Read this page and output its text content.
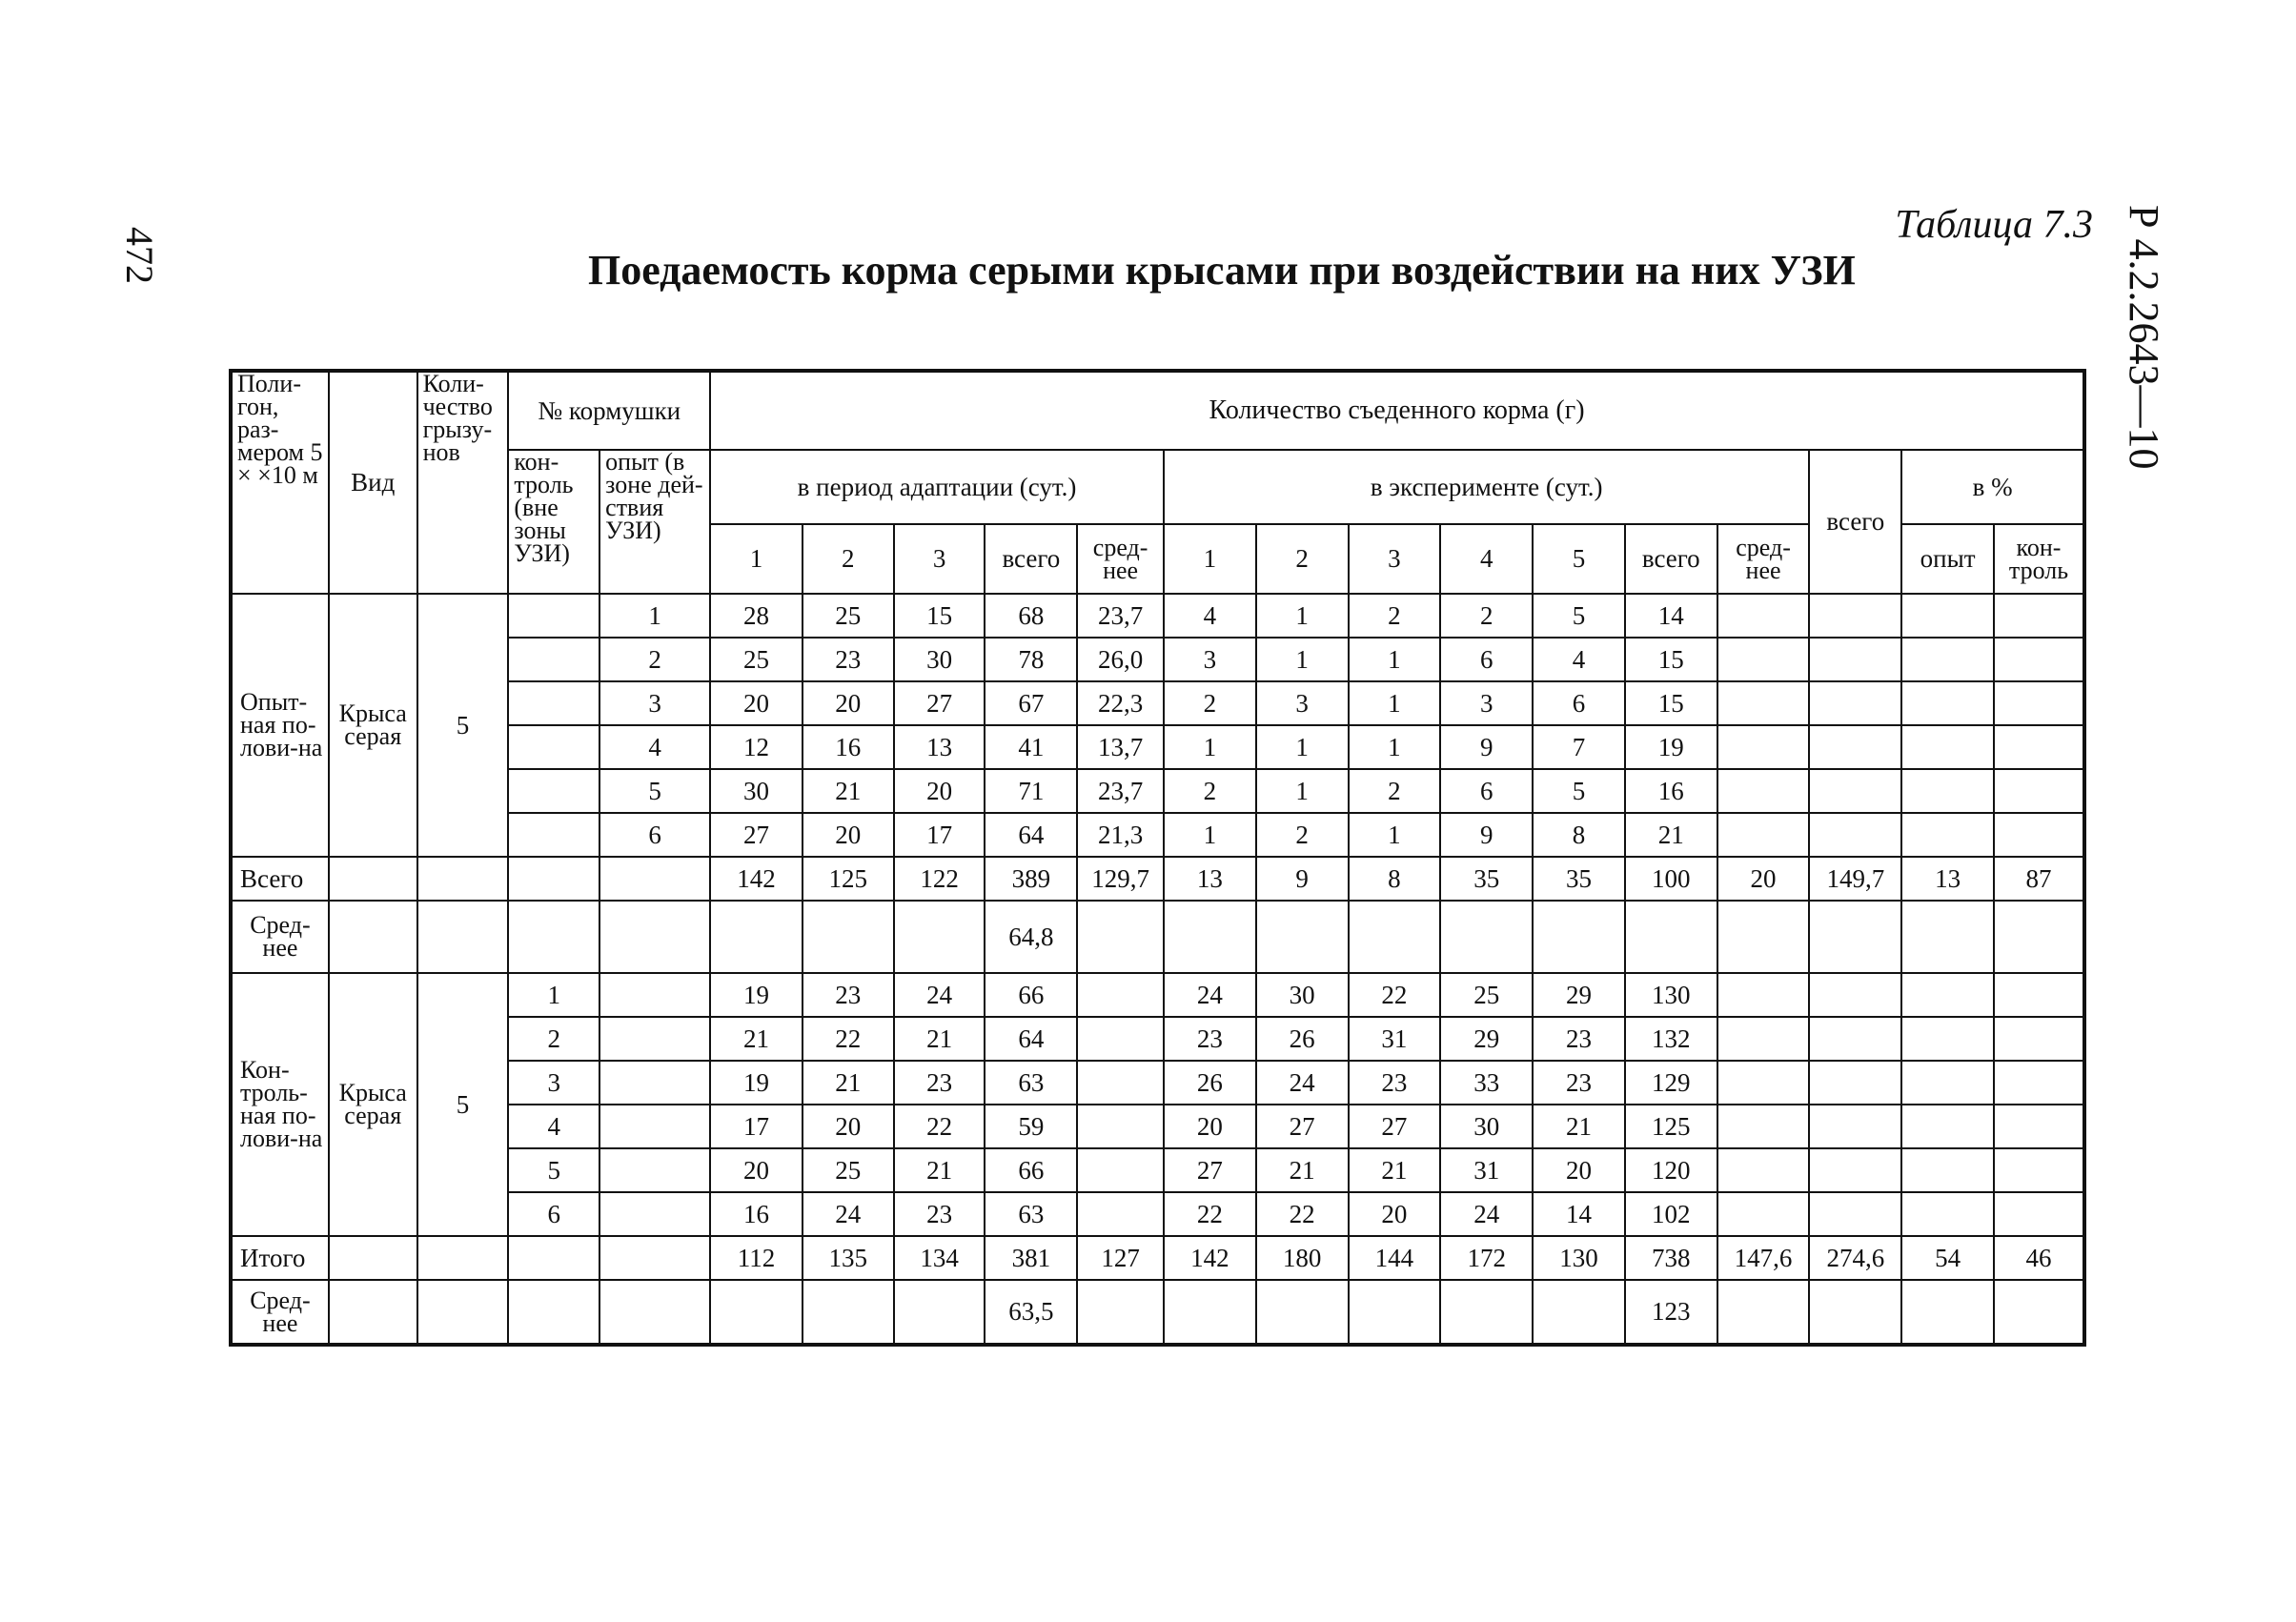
472	Р 4.2.2643—10
Таблица 7.3
Поедаемость корма серыми крысами при воздействии на них УЗИ
Поли-гон, раз-мером 5 × ×10 м	Вид	Коли-чество грызу-нов	№ кормушки		Количество съеденного корма (г)														
			кон-троль (вне зоны УЗИ)	опыт (в зоне дей-ствия УЗИ)	в период адаптации (сут.)					в эксперименте (сут.)							всего	в %	
					1	2	3	всего	сред-нее	1	2	3	4	5	всего	сред-нее		опыт	кон-троль
Опыт-ная по-лови-на	Крыса серая	5		1	28	25	15	68	23,7	4	1	2	2	5	14				
				2	25	23	30	78	26,0	3	1	1	6	4	15				
				3	20	20	27	67	22,3	2	3	1	3	6	15				
				4	12	16	13	41	13,7	1	1	1	9	7	19				
				5	30	21	20	71	23,7	2	1	2	6	5	16				
				6	27	20	17	64	21,3	1	2	1	9	8	21				
Всего					142	125	122	389	129,7	13	9	8	35	35	100	20	149,7	13	87
Сред-нее								64,8											
Кон-троль-ная по-лови-на	Крыса серая	5	1		19	23	24	66		24	30	22	25	29	130				
			2		21	22	21	64		23	26	31	29	23	132				
			3		19	21	23	63		26	24	23	33	23	129				
			4		17	20	22	59		20	27	27	30	21	125				
			5		20	25	21	66		27	21	21	31	20	120				
			6		16	24	23	63		22	22	20	24	14	102				
Итого					112	135	134	381	127	142	180	144	172	130	738	147,6	274,6	54	46
Сред-нее								63,5							123				
